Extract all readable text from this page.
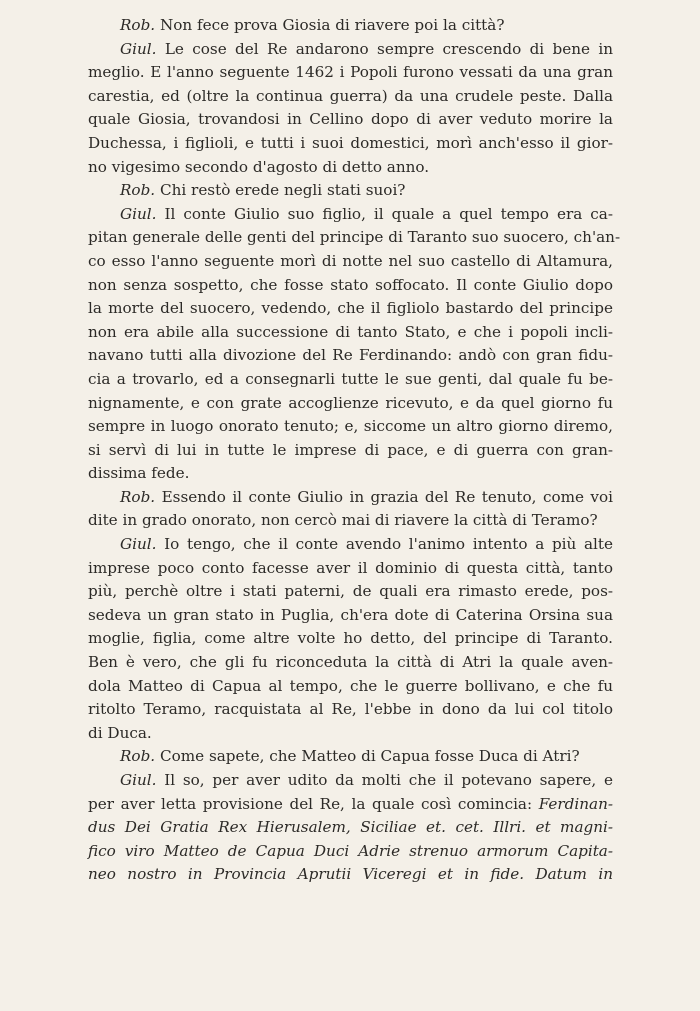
Rob. Non fece prova Giosia di riavere poi la città?
Giul. Le cose del Re andarono sempre crescendo di bene in
meglio. E l'anno seguente 1462 i Popoli furono vessati da una gran
carestia, ed (oltre la continua guerra) da una crudele peste. Dalla
quale Giosia, trovandosi in Cellino dopo di aver veduto morire la
Duchessa, i figlioli, e tutti i suoi domestici, morì anch'esso il gior-
no vigesimo secondo d'agosto di detto anno.
Rob. Chi restò erede negli stati suoi?
Giul. Il conte Giulio suo figlio, il quale a quel tempo era ca-
pitan generale delle genti del principe di Taranto suo suocero, ch'an-
co esso l'anno seguente morì di notte nel suo castello di Altamura,
non senza sospetto, che fosse stato soffocato. Il conte Giulio dopo
la morte del suocero, vedendo, che il figliolo bastardo del principe
non era abile alla successione di tanto Stato, e che i popoli incli-
navano tutti alla divozione del Re Ferdinando: andò con gran fidu-
cia a trovarlo, ed a consegnarli tutte le sue genti, dal quale fu be-
nignamente, e con grate accoglienze ricevuto, e da quel giorno fu
sempre in luogo onorato tenuto; e, siccome un altro giorno diremo,
si servì di lui in tutte le imprese di pace, e di guerra con gran-
dissima fede.
Rob. Essendo il conte Giulio in grazia del Re tenuto, come voi
dite in grado onorato, non cercò mai di riavere la città di Teramo?
Giul. Io tengo, che il conte avendo l'animo intento a più alte
imprese poco conto facesse aver il dominio di questa città, tanto
più, perchè oltre i stati paterni, de quali era rimasto erede, pos-
sedeva un gran stato in Puglia, ch'era dote di Caterina Orsina sua
moglie, figlia, come altre volte ho detto, del principe di Taranto.
Ben è vero, che gli fu riconceduta la città di Atri la quale aven-
dola Matteo di Capua al tempo, che le guerre bollivano, e che fu
ritolto Teramo, racquistata al Re, l'ebbe in dono da lui col titolo
di Duca.
Rob. Come sapete, che Matteo di Capua fosse Duca di Atri?
Giul. Il so, per aver udito da molti che il potevano sapere, e
per aver letta provisione del Re, la quale così comincia: Ferdinan-
dus Dei Gratia Rex Hierusalem, Siciliae et. cet. Illri. et magni-
fico viro Matteo de Capua Duci Adrie strenuo armorum Capita-
neo nostro in Provincia Aprutii Viceregi et in fide. Datum in
